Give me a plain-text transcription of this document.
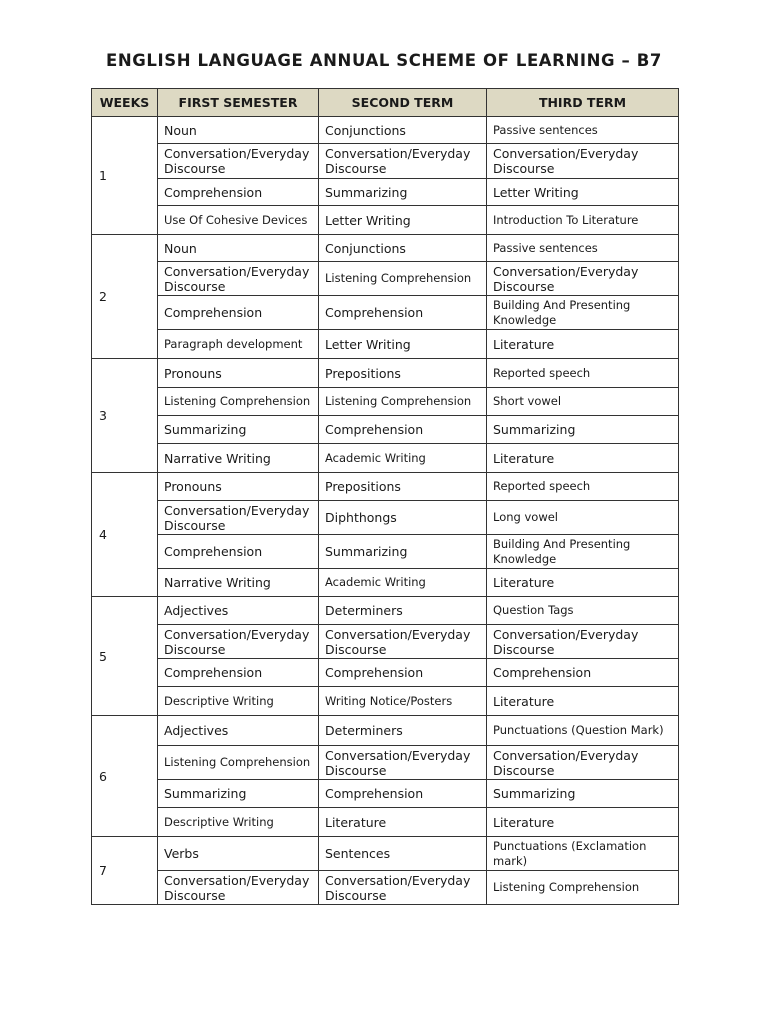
ENGLISH LANGUAGE ANNUAL SCHEME OF LEARNING – B7
WEEKS	FIRST SEMESTER	SECOND TERM	THIRD TERM
1	Noun	Conjunctions	Passive sentences
	Conversation/Everyday Discourse	Conversation/Everyday Discourse	Conversation/Everyday Discourse
	Comprehension	Summarizing	Letter Writing
	Use Of Cohesive Devices	Letter Writing	Introduction To Literature
2	Noun	Conjunctions	Passive sentences
	Conversation/Everyday Discourse	Listening Comprehension	Conversation/Everyday Discourse
	Comprehension	Comprehension	Building And Presenting Knowledge
	Paragraph development	Letter Writing	Literature
3	Pronouns	Prepositions	Reported speech
	Listening Comprehension	Listening Comprehension	Short vowel
	Summarizing	Comprehension	Summarizing
	Narrative Writing	Academic Writing	Literature
4	Pronouns	Prepositions	Reported speech
	Conversation/Everyday Discourse	Diphthongs	Long vowel
	Comprehension	Summarizing	Building And Presenting Knowledge
	Narrative Writing	Academic Writing	Literature
5	Adjectives	Determiners	Question Tags
	Conversation/Everyday Discourse	Conversation/Everyday Discourse	Conversation/Everyday Discourse
	Comprehension	Comprehension	Comprehension
	Descriptive Writing	Writing Notice/Posters	Literature
6	Adjectives	Determiners	Punctuations (Question Mark)
	Listening Comprehension	Conversation/Everyday Discourse	Conversation/Everyday Discourse
	Summarizing	Comprehension	Summarizing
	Descriptive Writing	Literature	Literature
7	Verbs	Sentences	Punctuations (Exclamation mark)
	Conversation/Everyday Discourse	Conversation/Everyday Discourse	Listening Comprehension
